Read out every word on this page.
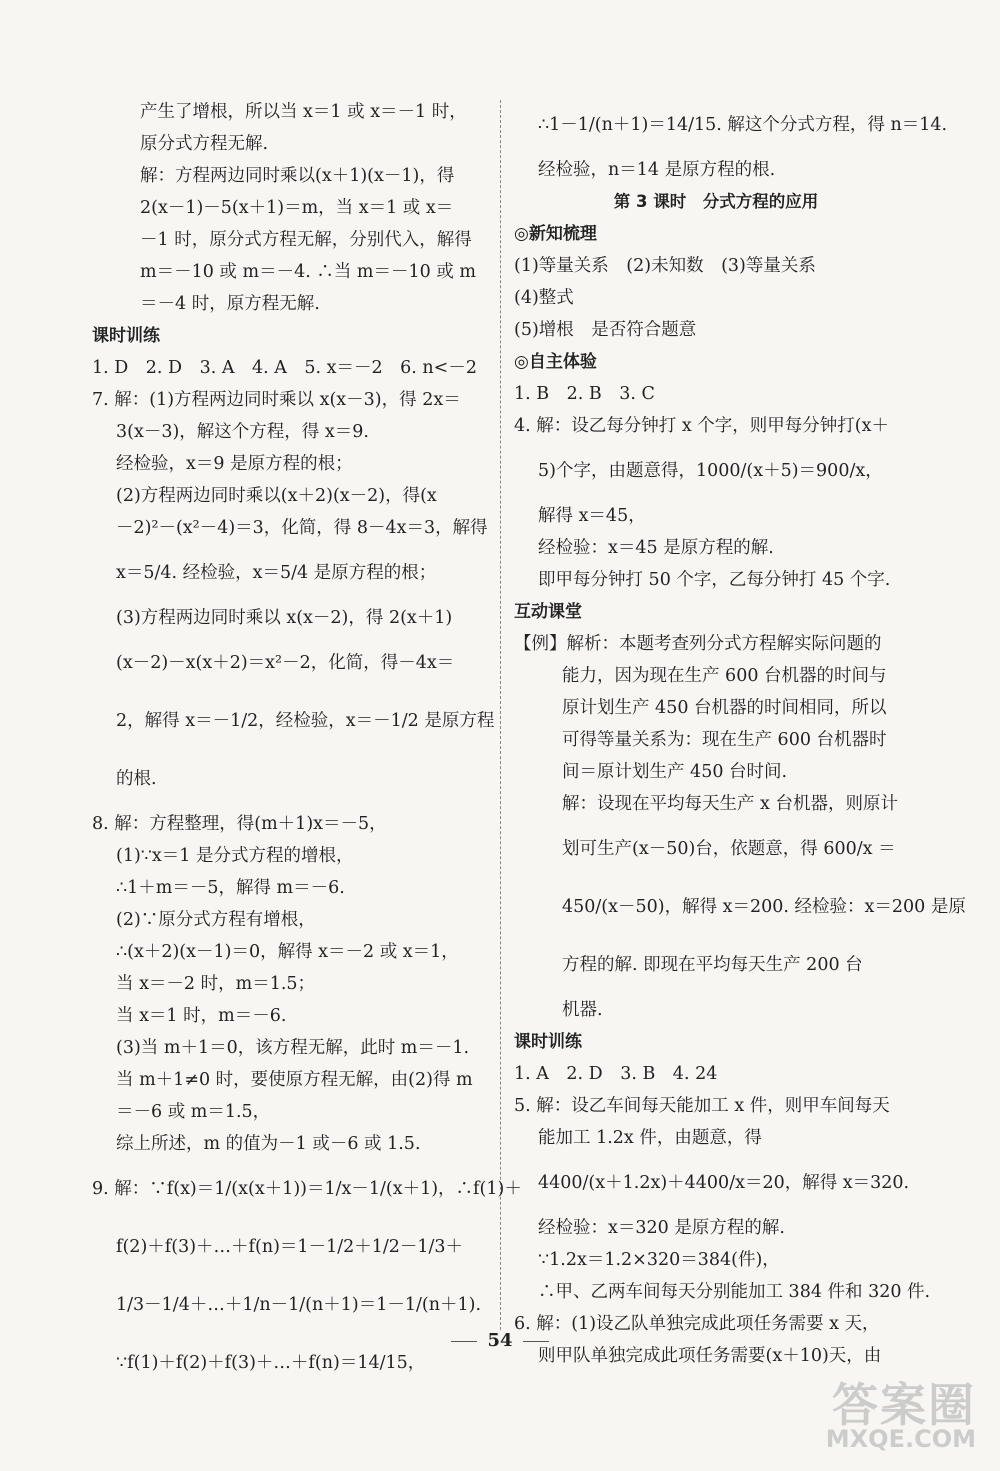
产生了增根，所以当 x＝1 或 x＝－1 时，
原分式方程无解.
解：方程两边同时乘以(x＋1)(x－1)，得
2(x－1)－5(x＋1)＝m，当 x＝1 或 x＝
－1 时，原分式方程无解，分别代入，解得
m＝－10 或 m＝－4. ∴当 m＝－10 或 m
＝－4 时，原方程无解.
课时训练
1. D　2. D　3. A　4. A　5. x＝－2　6. n<－2
7. 解：(1)方程两边同时乘以 x(x－3)，得 2x＝
3(x－3)，解这个方程，得 x＝9.
经检验，x＝9 是原方程的根；
(2)方程两边同时乘以(x＋2)(x－2)，得(x
－2)²－(x²－4)＝3，化简，得 8－4x＝3，解得
x＝5/4. 经检验，x＝5/4 是原方程的根；
(3)方程两边同时乘以 x(x－2)，得 2(x＋1)
(x－2)－x(x＋2)＝x²－2，化简，得－4x＝
2，解得 x＝－1/2，经检验，x＝－1/2 是原方程
的根.
8. 解：方程整理，得(m＋1)x＝－5，
(1)∵x＝1 是分式方程的增根，
∴1＋m＝－5，解得 m＝－6.
(2)∵原分式方程有增根，
∴(x＋2)(x－1)＝0，解得 x＝－2 或 x＝1，
当 x＝－2 时，m＝1.5；
当 x＝1 时，m＝－6.
(3)当 m＋1＝0，该方程无解，此时 m＝－1.
当 m＋1≠0 时，要使原方程无解，由(2)得 m
＝－6 或 m＝1.5，
综上所述，m 的值为－1 或－6 或 1.5.
9. 解：∵f(x)＝1/(x(x＋1))＝1/x－1/(x＋1)，∴f(1)＋
f(2)＋f(3)＋…＋f(n)＝1－1/2＋1/2－1/3＋
1/3－1/4＋…＋1/n－1/(n＋1)＝1－1/(n＋1).
∵f(1)＋f(2)＋f(3)＋…＋f(n)＝14/15，
∴1－1/(n＋1)＝14/15. 解这个分式方程，得 n＝14.
经检验，n＝14 是原方程的根.
第 3 课时　分式方程的应用
◎新知梳理
(1)等量关系　(2)未知数　(3)等量关系
(4)整式
(5)增根　是否符合题意
◎自主体验
1. B　2. B　3. C
4. 解：设乙每分钟打 x 个字，则甲每分钟打(x＋
5)个字，由题意得，1000/(x＋5)＝900/x，
解得 x＝45，
经检验：x＝45 是原方程的解.
即甲每分钟打 50 个字，乙每分钟打 45 个字.
互动课堂
【例】解析：本题考查列分式方程解实际问题的
能力，因为现在生产 600 台机器的时间与
原计划生产 450 台机器的时间相同，所以
可得等量关系为：现在生产 600 台机器时
间＝原计划生产 450 台时间.
解：设现在平均每天生产 x 台机器，则原计
划可生产(x－50)台，依题意，得 600/x ＝
450/(x－50)，解得 x＝200. 经检验：x＝200 是原
方程的解. 即现在平均每天生产 200 台
机器.
课时训练
1. A　2. D　3. B　4. 24
5. 解：设乙车间每天能加工 x 件，则甲车间每天
能加工 1.2x 件，由题意，得
4400/(x＋1.2x)＋4400/x＝20，解得 x＝320.
经检验：x＝320 是原方程的解.
∵1.2x＝1.2×320＝384(件)，
∴甲、乙两车间每天分别能加工 384 件和 320 件.
6. 解：(1)设乙队单独完成此项任务需要 x 天，
则甲队单独完成此项任务需要(x＋10)天，由
54
答案圈
MXQE.COM
